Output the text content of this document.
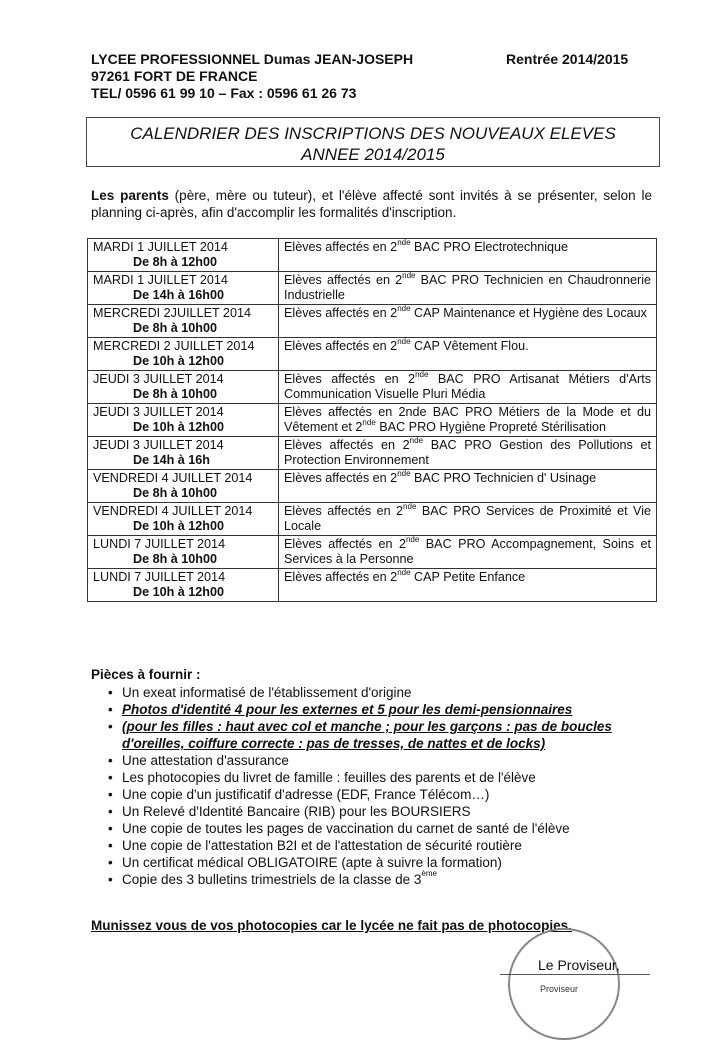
LYCEE PROFESSIONNEL Dumas JEAN-JOSEPH
97261 FORT DE FRANCE
TEL/ 0596 61 99 10 – Fax : 0596 61 26 73
Rentrée 2014/2015
CALENDRIER DES INSCRIPTIONS DES NOUVEAUX ELEVES
ANNEE 2014/2015
Les parents (père, mère ou tuteur), et l'élève affecté sont invités à se présenter, selon le planning ci-après, afin d'accomplir les formalités d'inscription.
MARDI 1 JUILLET 2014
De 8h à 12h00	Elèves affectés en 2nde BAC PRO Electrotechnique

MARDI 1 JUILLET 2014
De 14h à 16h00	Elèves affectés en 2nde BAC PRO Technicien en Chaudronnerie Industrielle

MERCREDI 2JUILLET 2014
De 8h à 10h00	Elèves affectés en 2nde CAP Maintenance et Hygiène des Locaux

MERCREDI 2 JUILLET 2014
De 10h à 12h00	Elèves affectés en 2nde CAP Vêtement Flou.

JEUDI 3 JUILLET 2014
De 8h à 10h00	Elèves affectés en 2nde BAC PRO Artisanat Métiers d'Arts Communication Visuelle Pluri Média

JEUDI 3 JUILLET 2014
De 10h à 12h00	Elèves affectés en 2nde BAC PRO Métiers de la Mode et du Vêtement et 2nde BAC PRO Hygiène Propreté Stérilisation

JEUDI 3 JUILLET 2014
De 14h à 16h	Elèves affectés en 2nde BAC PRO Gestion des Pollutions et Protection Environnement

VENDREDI 4 JUILLET 2014
De 8h à 10h00	Elèves affectés en 2nde BAC PRO Technicien d' Usinage

VENDREDI 4 JUILLET 2014
De 10h à 12h00	Elèves affectés en 2nde BAC PRO Services de Proximité et Vie Locale

LUNDI 7 JUILLET 2014
De 8h à 10h00	Elèves affectés en 2nde BAC PRO Accompagnement, Soins et Services à la Personne

LUNDI 7 JUILLET 2014
De 10h à 12h00	Elèves affectés en 2nde CAP Petite Enfance
Pièces à fournir :
• Un exeat informatisé de l'établissement d'origine
• Photos d'identité 4 pour les externes et 5 pour les demi-pensionnaires
• (pour les filles : haut avec col et manche ; pour les garçons : pas de boucles d'oreilles, coiffure correcte : pas de tresses, de nattes et de locks)
• Une attestation d'assurance
• Les photocopies du livret de famille : feuilles des parents et de l'élève
• Une copie d'un justificatif d'adresse (EDF, France Télécom…)
• Un Relevé d'Identité Bancaire (RIB) pour les BOURSIERS
• Une copie de toutes les pages de vaccination du carnet de santé de l'élève
• Une copie de l'attestation B2I et de l'attestation de sécurité routière
• Un certificat médical OBLIGATOIRE (apte à suivre la formation)
• Copie des 3 bulletins trimestriels de la classe de 3ème
Munissez vous de vos photocopies car le lycée ne fait pas de photocopies.
Le Proviseur,
Proviseur
